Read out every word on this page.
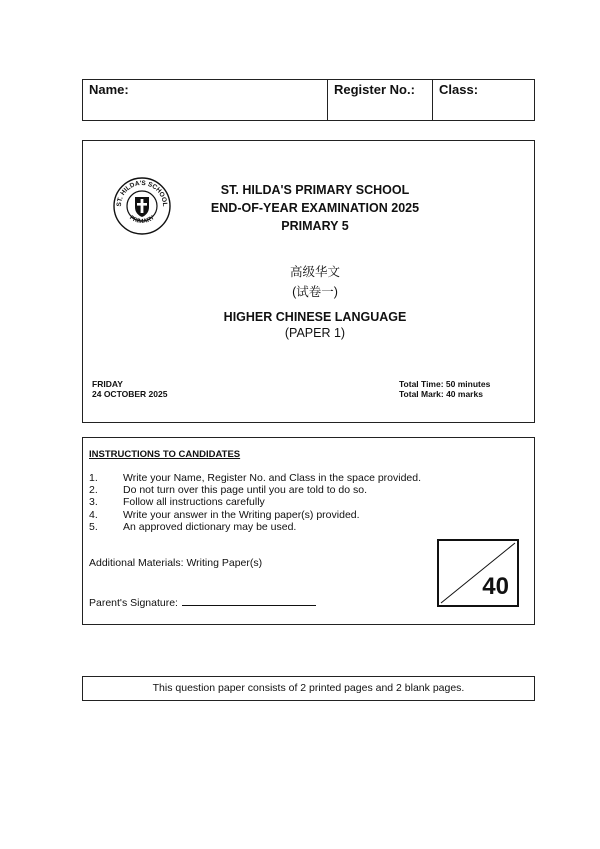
Name:	Register No.:	Class:
ST. HILDA'S SCHOOL
PRIMARY
ST. HILDA'S PRIMARY SCHOOL
END-OF-YEAR EXAMINATION 2025
PRIMARY 5
高级华文
(试卷一)
HIGHER CHINESE LANGUAGE
(PAPER 1)
FRIDAY
24 OCTOBER 2025
Total Time: 50 minutes
Total Mark: 40 marks
INSTRUCTIONS TO CANDIDATES
1. Write your Name, Register No. and Class in the space provided.
2. Do not turn over this page until you are told to do so.
3. Follow all instructions carefully
4. Write your answer in the Writing paper(s) provided.
5. An approved dictionary may be used.
Additional Materials: Writing Paper(s)
Parent's Signature:
40
This question paper consists of 2 printed pages and 2 blank pages.
